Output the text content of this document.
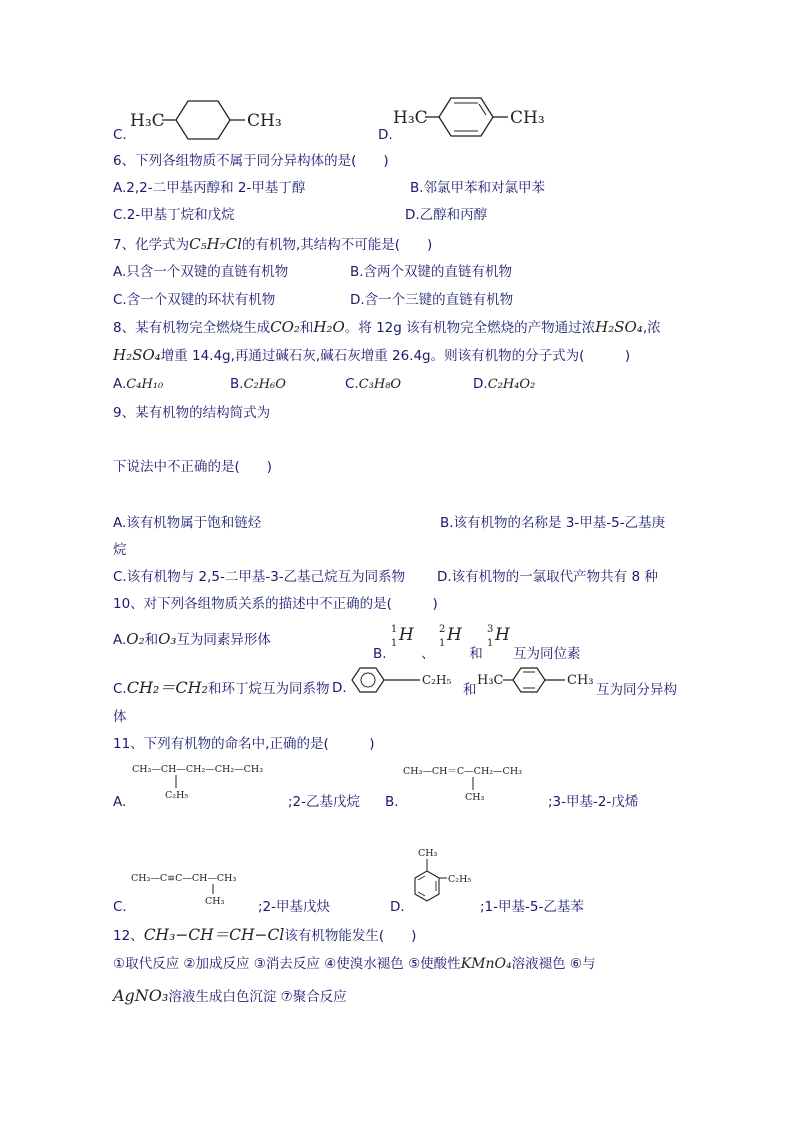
C.
H₃C	CH₃
D.
H₃C	CH₃
6、下列各组物质不属于同分异构体的是(　　)
A.2,2-二甲基丙醇和 2-甲基丁醇	B.邻氯甲苯和对氯甲苯
C.2-甲基丁烷和戊烷	D.乙醇和丙醇
7、化学式为C₅H₇Cl的有机物,其结构不可能是(　　)
A.只含一个双键的直链有机物	B.含两个双键的直链有机物
C.含一个双键的环状有机物	D.含一个三键的直链有机物
8、某有机物完全燃烧生成CO₂和H₂O。将 12g 该有机物完全燃烧的产物通过浓H₂SO₄,浓
H₂SO₄增重 14.4g,再通过碱石灰,碱石灰增重 26.4g。则该有机物的分子式为(　　　)
A.C₄H₁₀	B.C₂H₆O	C.C₃H₈O	D.C₂H₄O₂
9、某有机物的结构简式为
下说法中不正确的是(　　)
A.该有机物属于饱和链烃	B.该有机物的名称是 3-甲基-5-乙基庚
烷
C.该有机物与 2,5-二甲基-3-乙基己烷互为同系物 D.该有机物的一氯取代产物共有 8 种
10、对下列各组物质关系的描述中不正确的是(　　　)
A.O₂和O₃互为同素异形体
B.
1
1 H
、
2
1 H
和
3
1 H
互为同位素
C.CH₂＝CH₂和环丁烷互为同系物 D.	C₂H₅
和
H₃C	CH₃
互为同分异构
体
11、下列有机物的命名中,正确的是(　　　)
A.
CH₃—CH—CH₂—CH₂—CH₃
C₂H₅	;2-乙基戊烷 B.
CH₃—CH＝C—CH₂—CH₃
CH₃	;3-甲基-2-戊烯
C.
CH₃—C≡C—CH—CH₃
CH₃ ;2-甲基戊炔	D.
CH₃
C₂H₅
;1-甲基-5-乙基苯
12、CH₃−CH＝CH−Cl该有机物能发生(　　)
①取代反应 ②加成反应 ③消去反应 ④使溴水褪色 ⑤使酸性KMnO₄溶液褪色 ⑥与
AgNO₃溶液生成白色沉淀 ⑦聚合反应
